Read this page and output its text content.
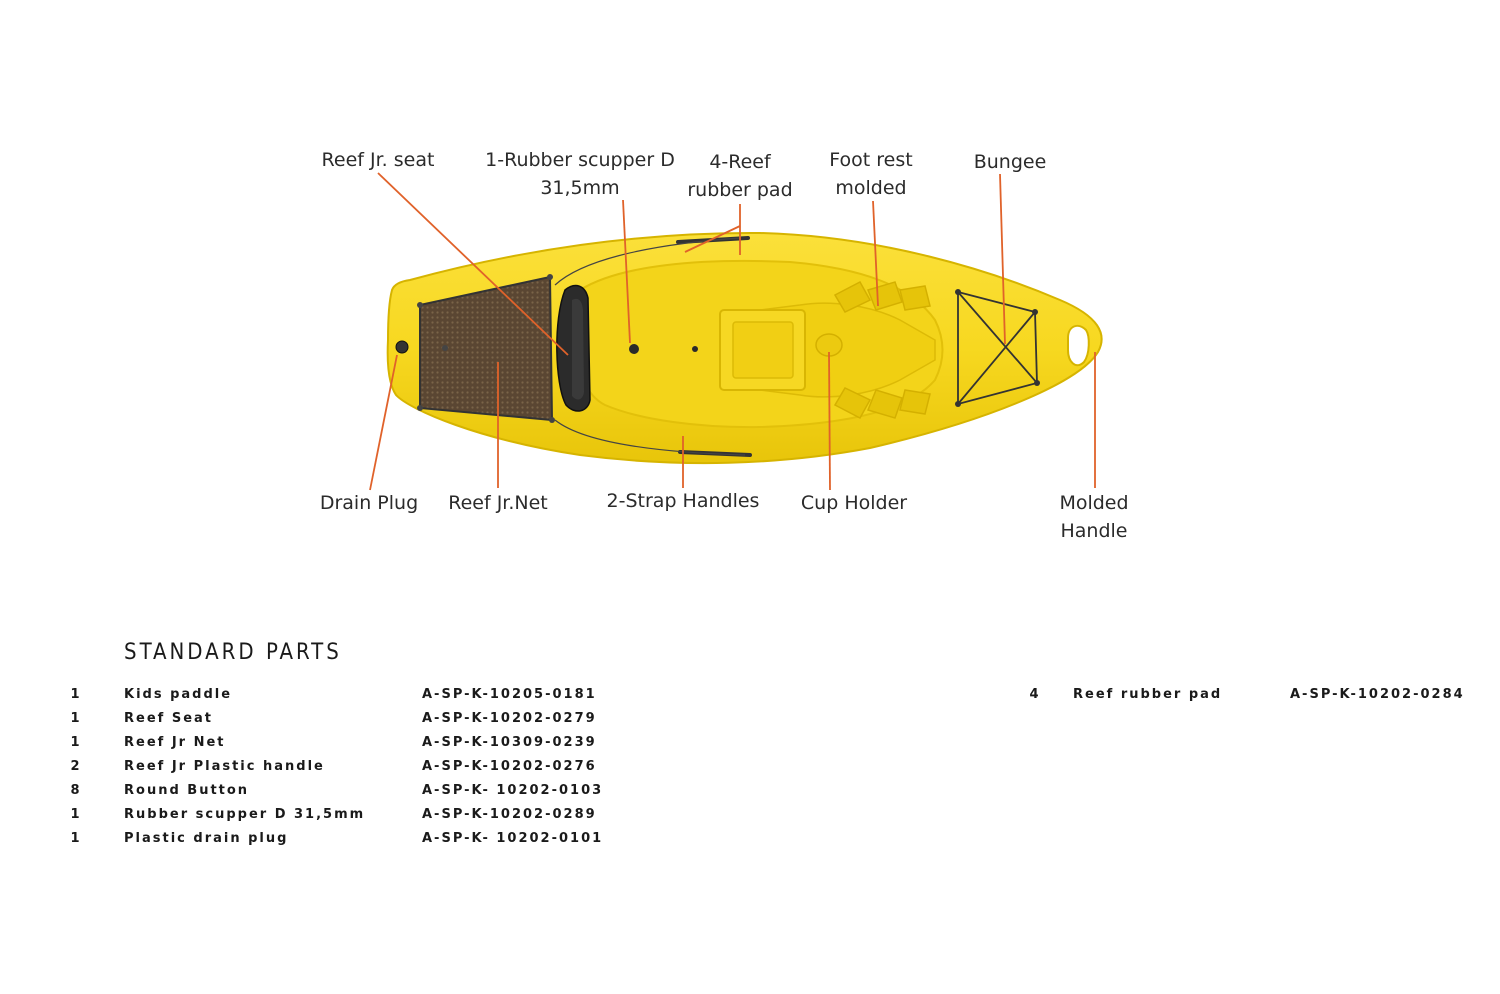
Reef Jr. seat	1-Rubber scupper D
31,5mm
4-Reef
rubber pad
Foot rest
molded
Bungee
Drain Plug Reef Jr.Net	2-Strap Handles Cup Holder	Molded
Handle
STANDARD PARTS
1	Kids paddle	A-SP-K-10205-0181
1	Reef Seat	A-SP-K-10202-0279
1	Reef Jr Net	A-SP-K-10309-0239
2	Reef Jr Plastic handle	A-SP-K-10202-0276
8	Round Button	A-SP-K- 10202-0103
1	Rubber scupper D 31,5mm	A-SP-K-10202-0289
1	Plastic drain plug	A-SP-K- 10202-0101
4	Reef rubber pad	A-SP-K-10202-0284
